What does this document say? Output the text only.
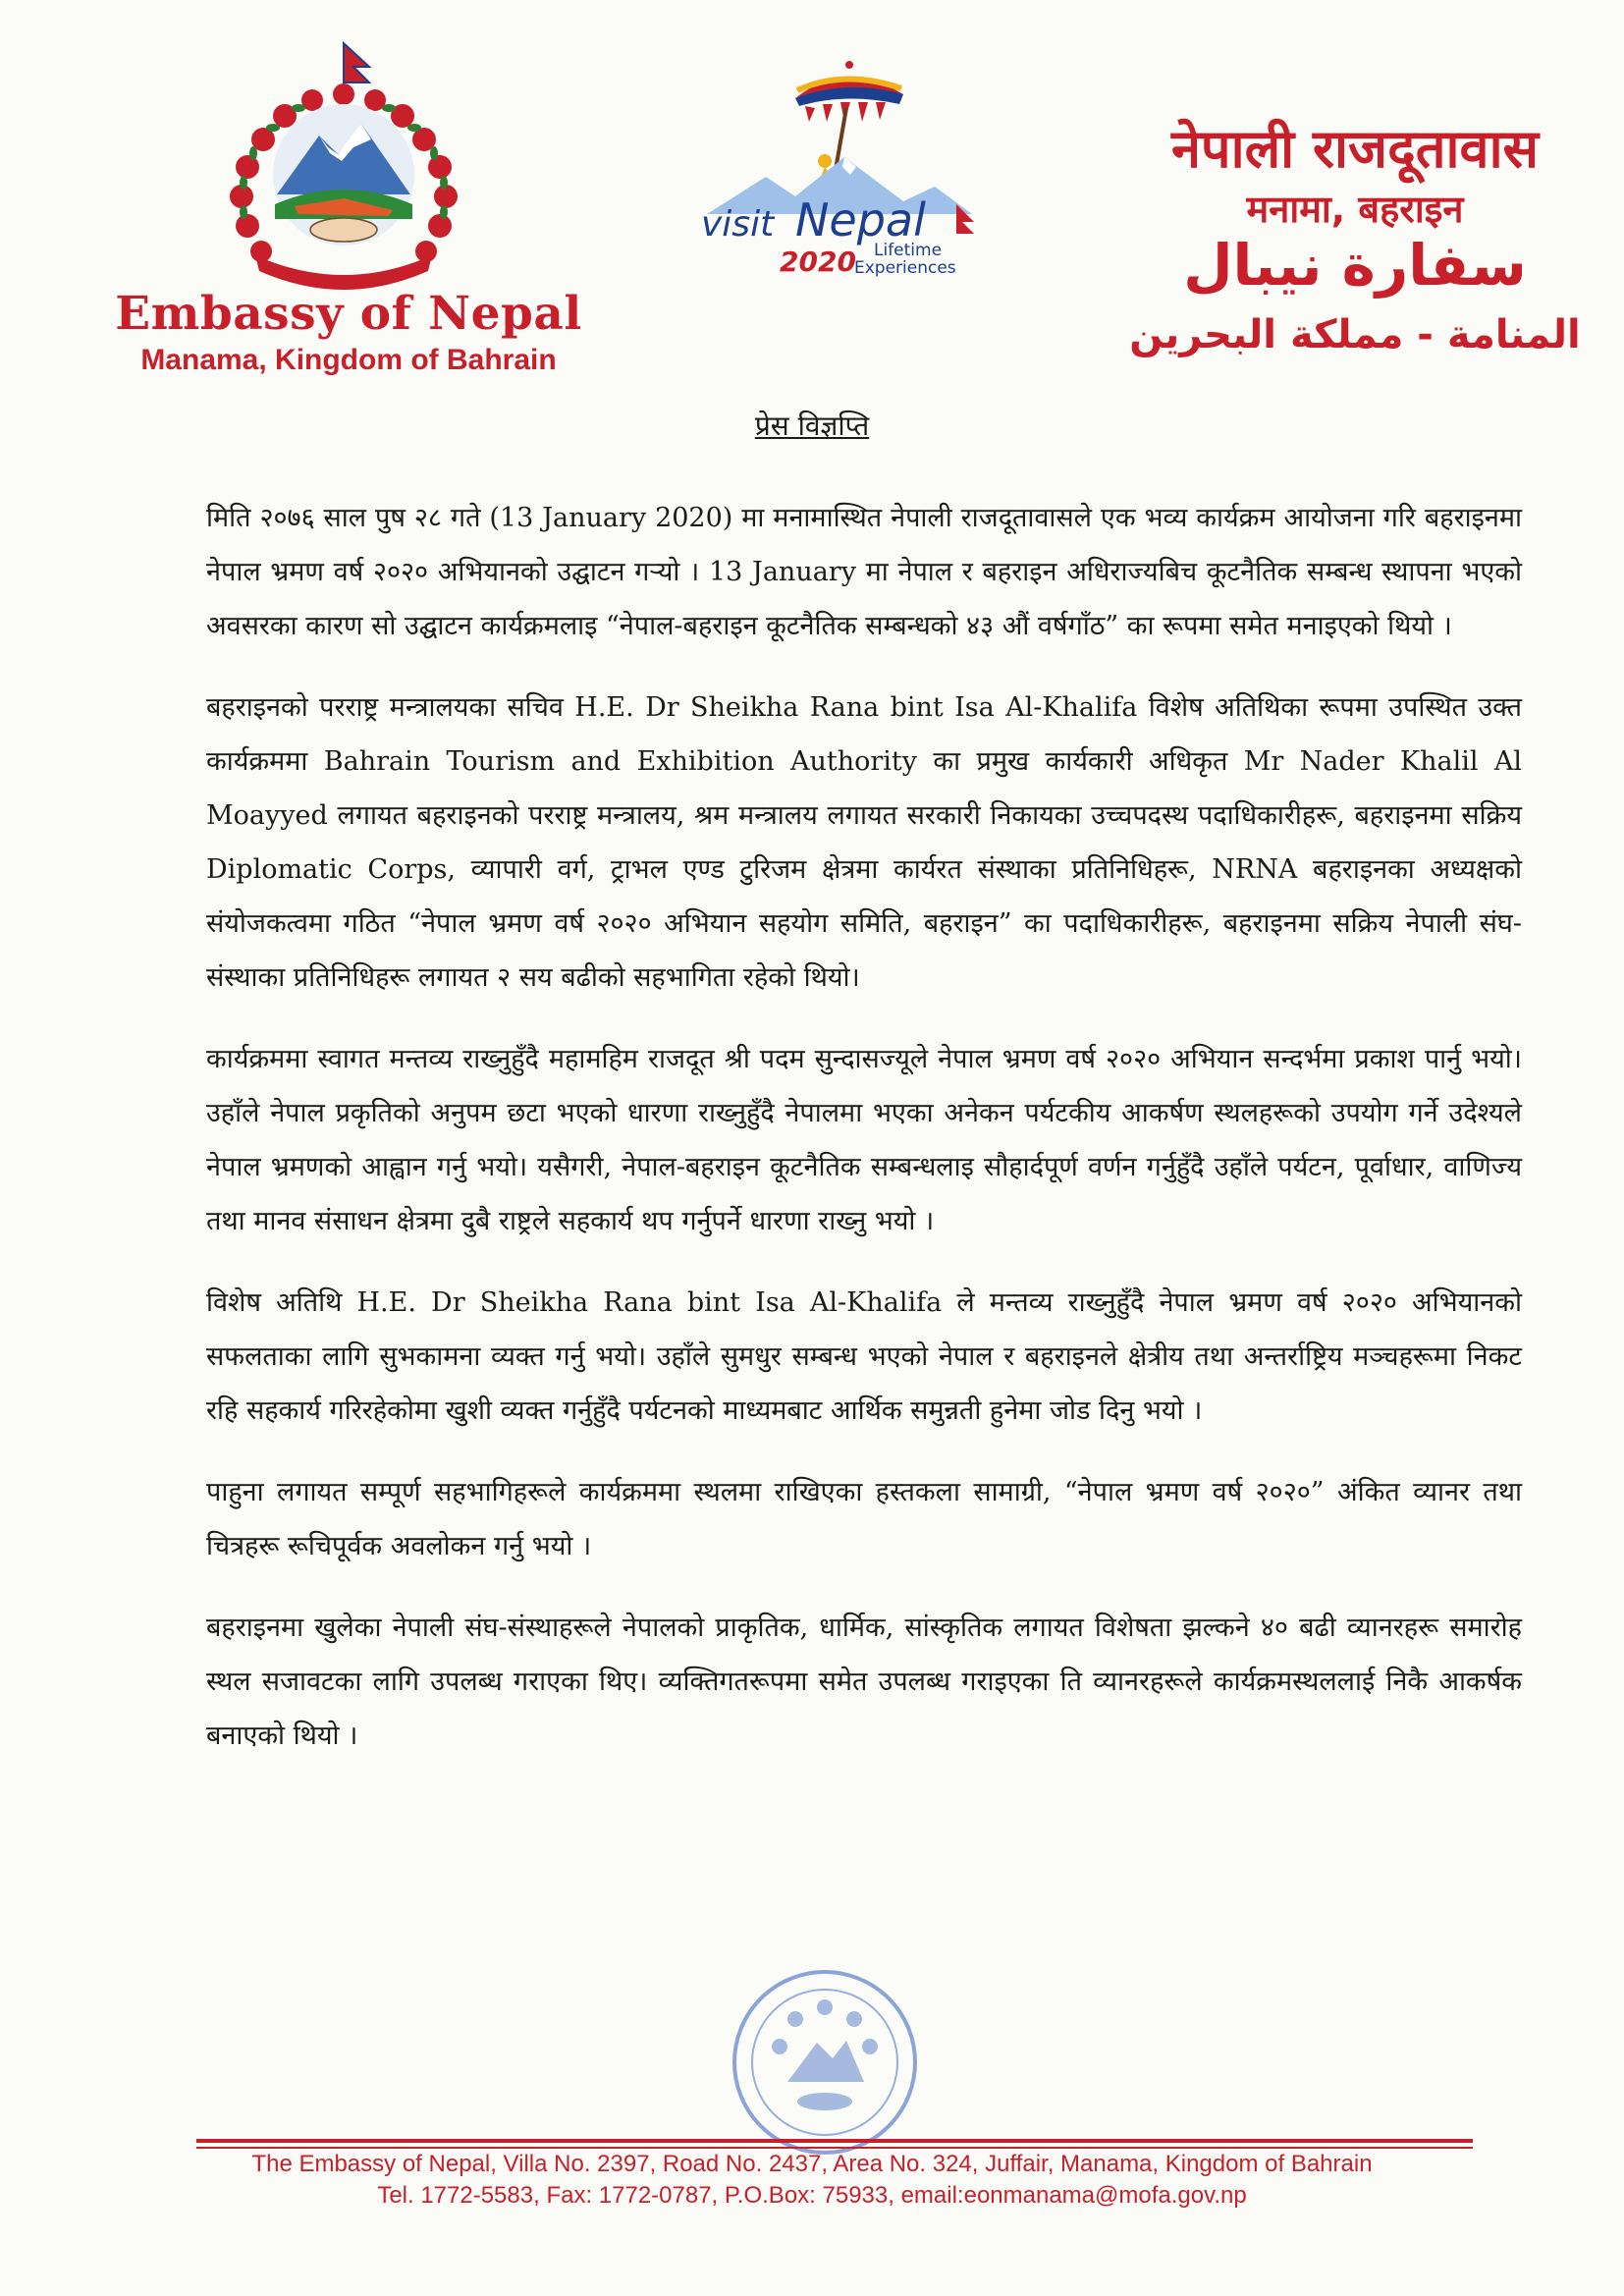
Embassy of Nepal
Manama, Kingdom of Bahrain
visit Nepal
2020 Lifetime
Experiences
नेपाली राजदूतावास
मनामा, बहराइन
سفارة نيبال
المنامة - مملكة البحرين
प्रेस विज्ञप्ति

मिति २०७६ साल पुष २८ गते (13 January 2020) मा मनामास्थित नेपाली राजदूतावासले एक भव्य कार्यक्रम आयोजना गरि बहराइनमा नेपाल भ्रमण वर्ष २०२० अभियानको उद्घाटन गऱ्यो । 13 January मा नेपाल र बहराइन अधिराज्यबिच कूटनैतिक सम्बन्ध स्थापना भएको अवसरका कारण सो उद्घाटन कार्यक्रमलाइ “नेपाल-बहराइन कूटनैतिक सम्बन्धको ४३ औं वर्षगाँठ” का रूपमा समेत मनाइएको थियो ।

बहराइनको परराष्ट्र मन्त्रालयका सचिव H.E. Dr Sheikha Rana bint Isa Al-Khalifa विशेष अतिथिका रूपमा उपस्थित उक्त कार्यक्रममा Bahrain Tourism and Exhibition Authority का प्रमुख कार्यकारी अधिकृत Mr Nader Khalil Al Moayyed लगायत बहराइनको परराष्ट्र मन्त्रालय, श्रम मन्त्रालय लगायत सरकारी निकायका उच्चपदस्थ पदाधिकारीहरू, बहराइनमा सक्रिय Diplomatic Corps, व्यापारी वर्ग, ट्राभल एण्ड टुरिजम क्षेत्रमा कार्यरत संस्थाका प्रतिनिधिहरू, NRNA बहराइनका अध्यक्षको संयोजकत्वमा गठित “नेपाल भ्रमण वर्ष २०२० अभियान सहयोग समिति, बहराइन” का पदाधिकारीहरू, बहराइनमा सक्रिय नेपाली संघ-संस्थाका प्रतिनिधिहरू लगायत २ सय बढीको सहभागिता रहेको थियो।

कार्यक्रममा स्वागत मन्तव्य राख्नुहुँदै महामहिम राजदूत श्री पदम सुन्दासज्यूले नेपाल भ्रमण वर्ष २०२० अभियान सन्दर्भमा प्रकाश पार्नु भयो। उहाँले नेपाल प्रकृतिको अनुपम छटा भएको धारणा राख्नुहुँदै नेपालमा भएका अनेकन पर्यटकीय आकर्षण स्थलहरूको उपयोग गर्ने उदेश्यले नेपाल भ्रमणको आह्वान गर्नु भयो। यसैगरी, नेपाल-बहराइन कूटनैतिक सम्बन्धलाइ सौहार्दपूर्ण वर्णन गर्नुहुँदै उहाँले पर्यटन, पूर्वाधार, वाणिज्य तथा मानव संसाधन क्षेत्रमा दुबै राष्ट्रले सहकार्य थप गर्नुपर्ने धारणा राख्नु भयो ।

विशेष अतिथि H.E. Dr Sheikha Rana bint Isa Al-Khalifa ले मन्तव्य राख्नुहुँदै नेपाल भ्रमण वर्ष २०२० अभियानको सफलताका लागि सुभकामना व्यक्त गर्नु भयो। उहाँले सुमधुर सम्बन्ध भएको नेपाल र बहराइनले क्षेत्रीय तथा अन्तर्राष्ट्रिय मञ्चहरूमा निकट रहि सहकार्य गरिरहेकोमा खुशी व्यक्त गर्नुहुँदै पर्यटनको माध्यमबाट आर्थिक समुन्नती हुनेमा जोड दिनु भयो ।

पाहुना लगायत सम्पूर्ण सहभागिहरूले कार्यक्रममा स्थलमा राखिएका हस्तकला सामाग्री, “नेपाल भ्रमण वर्ष २०२०” अंकित व्यानर तथा चित्रहरू रूचिपूर्वक अवलोकन गर्नु भयो ।

बहराइनमा खुलेका नेपाली संघ-संस्थाहरूले नेपालको प्राकृतिक, धार्मिक, सांस्कृतिक लगायत विशेषता झल्कने ४० बढी व्यानरहरू समारोह स्थल सजावटका लागि उपलब्ध गराएका थिए। व्यक्तिगतरूपमा समेत उपलब्ध गराइएका ति व्यानरहरूले कार्यक्रमस्थललाई निकै आकर्षक बनाएको थियो ।

The Embassy of Nepal, Villa No. 2397, Road No. 2437, Area No. 324, Juffair, Manama, Kingdom of Bahrain
Tel. 1772-5583, Fax: 1772-0787, P.O.Box: 75933, email:eonmanama@mofa.gov.np
